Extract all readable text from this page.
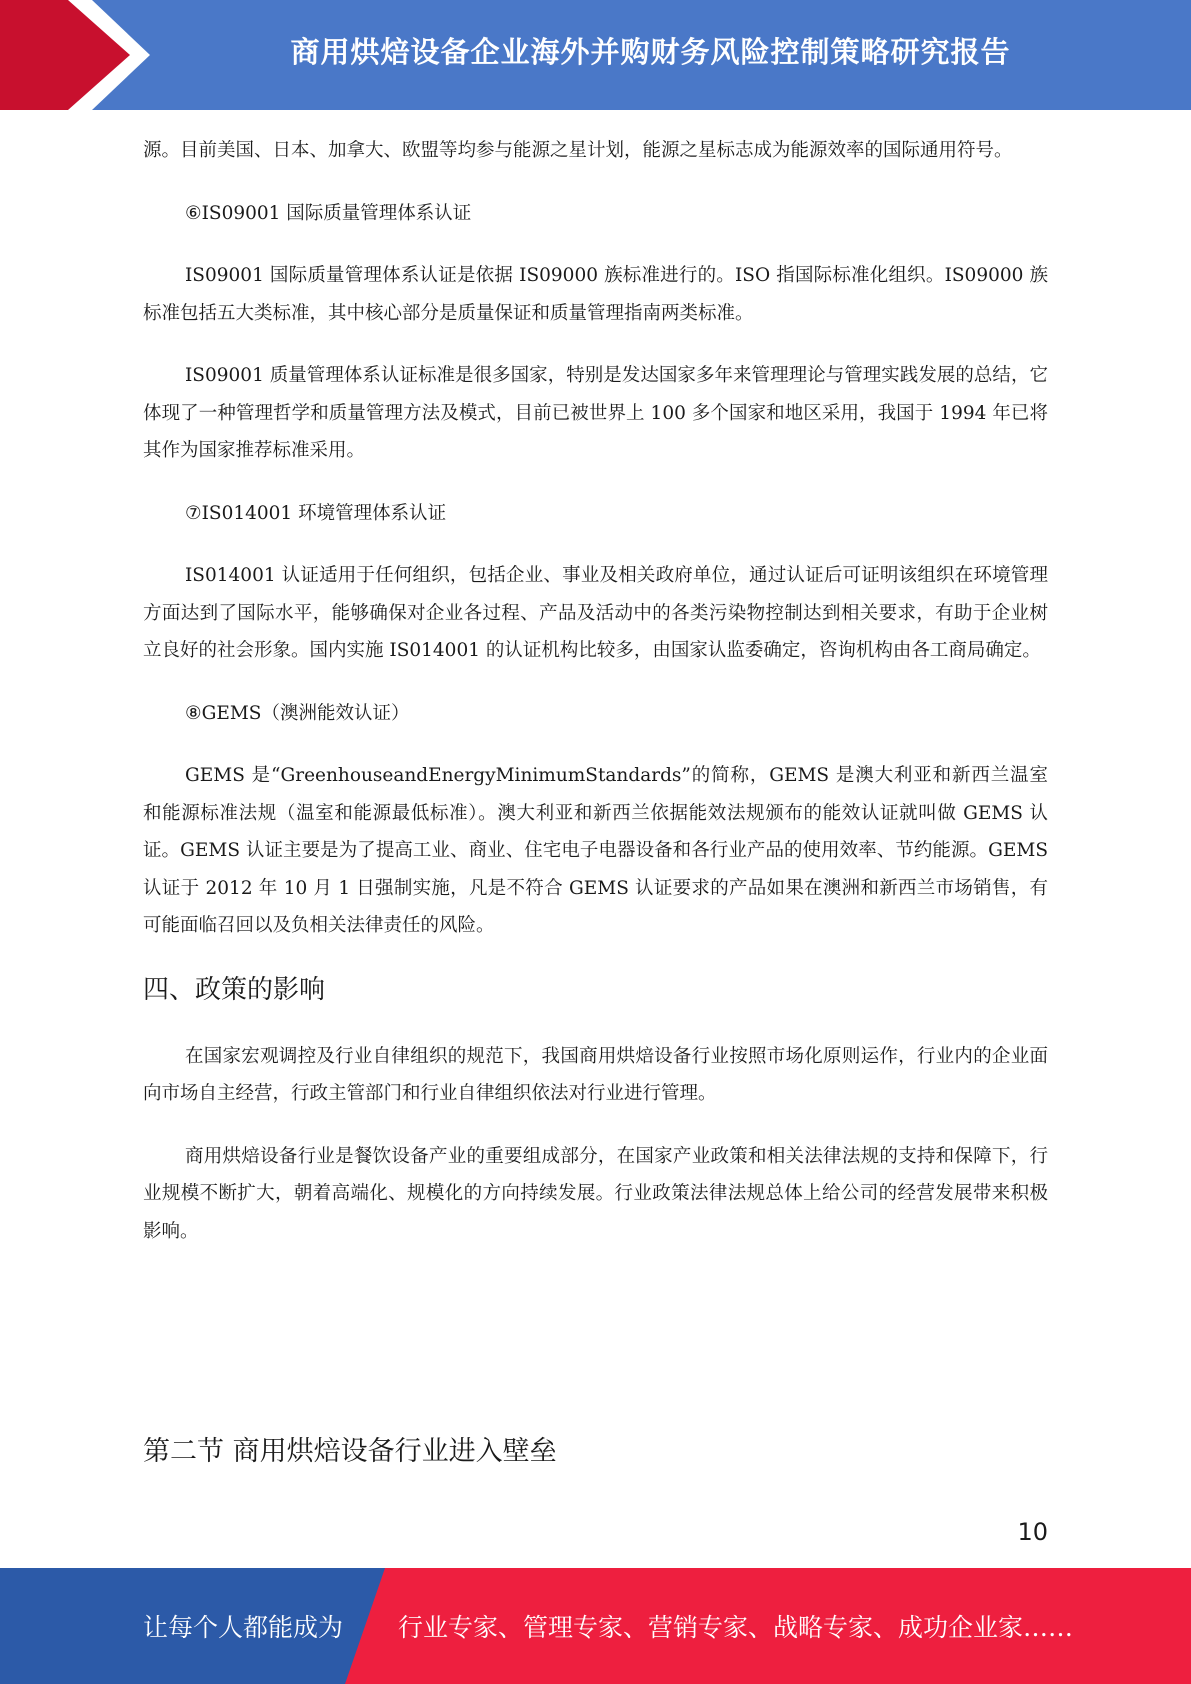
商用烘焙设备企业海外并购财务风险控制策略研究报告

源。目前美国、日本、加拿大、欧盟等均参与能源之星计划，能源之星标志成为能源效率的国际通用符号。

⑥IS09001 国际质量管理体系认证

IS09001 国际质量管理体系认证是依据 IS09000 族标准进行的。ISO 指国际标准化组织。IS09000 族标准包括五大类标准，其中核心部分是质量保证和质量管理指南两类标准。

IS09001 质量管理体系认证标准是很多国家，特别是发达国家多年来管理理论与管理实践发展的总结，它体现了一种管理哲学和质量管理方法及模式，目前已被世界上 100 多个国家和地区采用，我国于 1994 年已将其作为国家推荐标准采用。

⑦IS014001 环境管理体系认证

IS014001 认证适用于任何组织，包括企业、事业及相关政府单位，通过认证后可证明该组织在环境管理方面达到了国际水平，能够确保对企业各过程、产品及活动中的各类污染物控制达到相关要求，有助于企业树立良好的社会形象。国内实施 IS014001 的认证机构比较多，由国家认监委确定，咨询机构由各工商局确定。

⑧GEMS（澳洲能效认证）

GEMS 是“GreenhouseandEnergyMinimumStandards”的简称，GEMS 是澳大利亚和新西兰温室和能源标准法规（温室和能源最低标准）。澳大利亚和新西兰依据能效法规颁布的能效认证就叫做 GEMS 认证。GEMS 认证主要是为了提高工业、商业、住宅电子电器设备和各行业产品的使用效率、节约能源。GEMS 认证于 2012 年 10 月 1 日强制实施，凡是不符合 GEMS 认证要求的产品如果在澳洲和新西兰市场销售，有可能面临召回以及负相关法律责任的风险。

四、政策的影响

在国家宏观调控及行业自律组织的规范下，我国商用烘焙设备行业按照市场化原则运作，行业内的企业面向市场自主经营，行政主管部门和行业自律组织依法对行业进行管理。

商用烘焙设备行业是餐饮设备产业的重要组成部分，在国家产业政策和相关法律法规的支持和保障下，行业规模不断扩大，朝着高端化、规模化的方向持续发展。行业政策法律法规总体上给公司的经营发展带来积极影响。

第二节 商用烘焙设备行业进入壁垒
10
让每个人都能成为 行业专家、管理专家、营销专家、战略专家、成功企业家……
